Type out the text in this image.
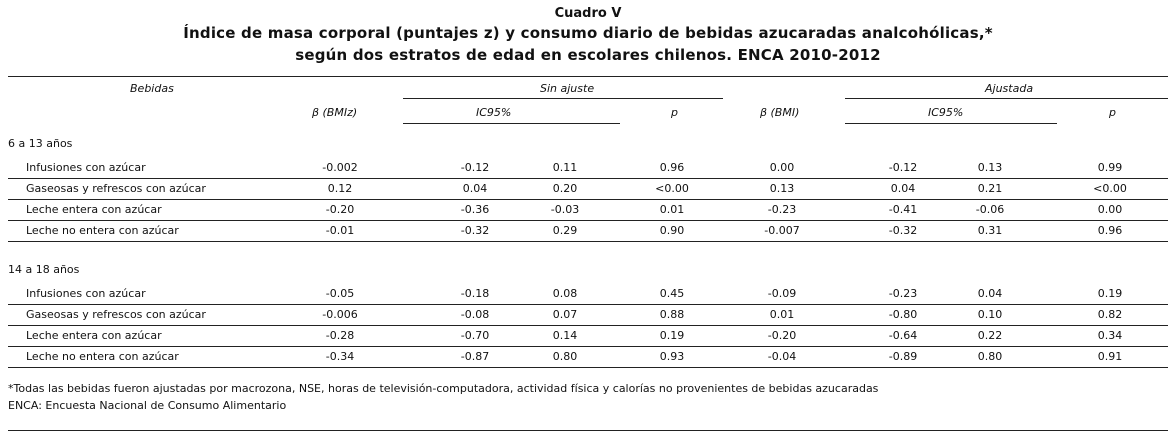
Cuadro V
Índice de masa corporal (puntajes z) y consumo diario de bebidas azucaradas analcohólicas,*
según dos estratos de edad en escolares chilenos. ENCA 2010-2012
Bebidas	Sin ajuste	Ajustada
β (BMIz)	IC95%	p	β (BMI)	IC95%	p
6 a 13 años
Infusiones con azúcar	-0.002	-0.12	0.11	0.96	0.00	-0.12	0.13	0.99
Gaseosas y refrescos con azúcar	0.12	0.04	0.20	<0.00	0.13	0.04	0.21	<0.00
Leche entera con azúcar	-0.20	-0.36	-0.03	0.01	-0.23	-0.41	-0.06	0.00
Leche no entera con azúcar	-0.01	-0.32	0.29	0.90	-0.007	-0.32	0.31	0.96
14 a 18 años
Infusiones con azúcar	-0.05	-0.18	0.08	0.45	-0.09	-0.23	0.04	0.19
Gaseosas y refrescos con azúcar	-0.006	-0.08	0.07	0.88	0.01	-0.80	0.10	0.82
Leche entera con azúcar	-0.28	-0.70	0.14	0.19	-0.20	-0.64	0.22	0.34
Leche no entera con azúcar	-0.34	-0.87	0.80	0.93	-0.04	-0.89	0.80	0.91
*Todas las bebidas fueron ajustadas por macrozona, NSE, horas de televisión-computadora, actividad física y calorías no provenientes de bebidas azucaradas
ENCA: Encuesta Nacional de Consumo Alimentario
